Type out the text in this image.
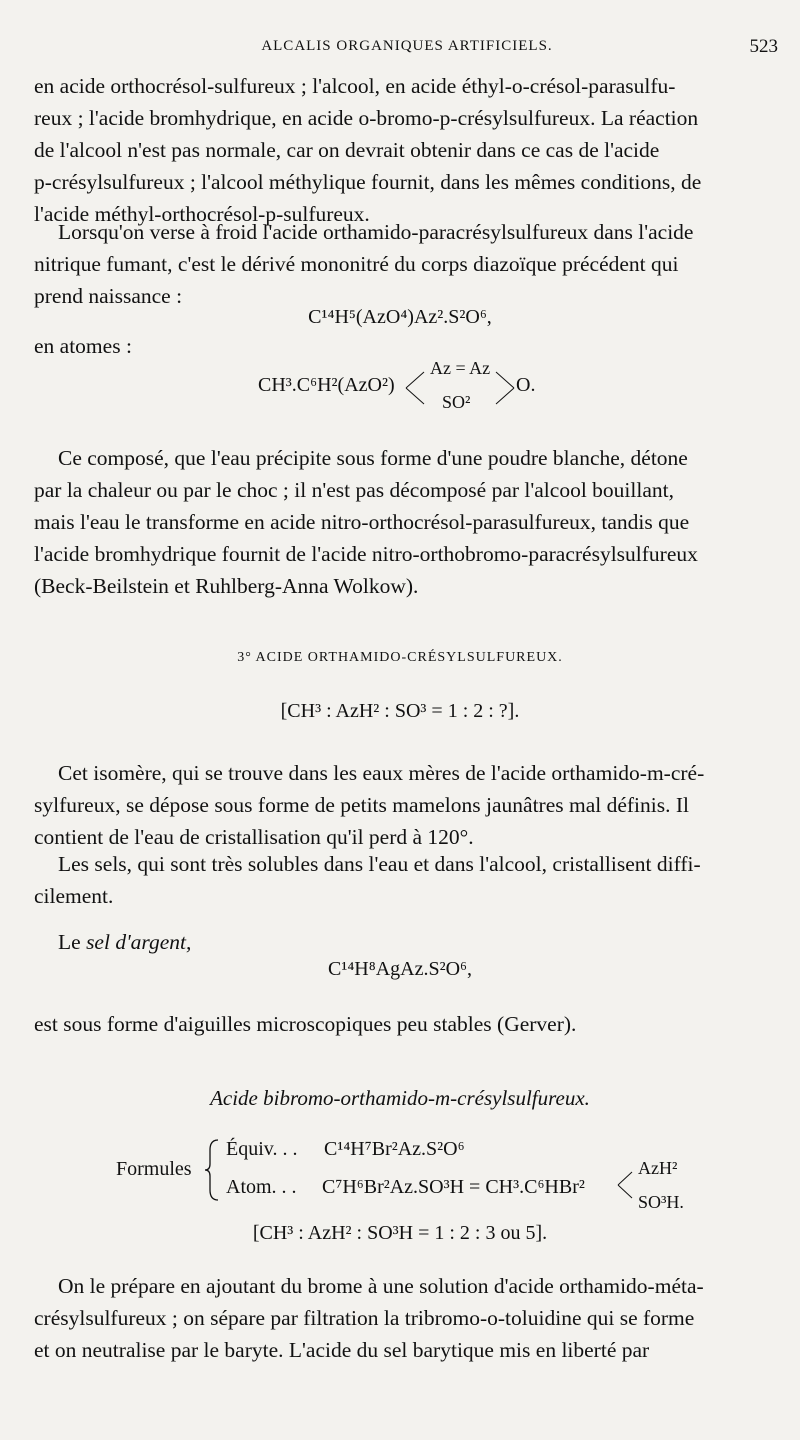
ALCALIS ORGANIQUES ARTIFICIELS.	523
en acide orthocrésol-sulfureux ; l'alcool, en acide éthyl-o-crésol-parasulfu-
reux ; l'acide bromhydrique, en acide o-bromo-p-crésylsulfureux. La réaction
de l'alcool n'est pas normale, car on devrait obtenir dans ce cas de l'acide
p-crésylsulfureux ; l'alcool méthylique fournit, dans les mêmes conditions, de
l'acide méthyl-orthocrésol-p-sulfureux.
Lorsqu'on verse à froid l'acide orthamido-paracrésylsulfureux dans l'acide
nitrique fumant, c'est le dérivé mononitré du corps diazoïque précédent qui
prend naissance :
C¹⁴H⁵(AzO⁴)Az².S²O⁶,
en atomes :
CH³.C⁶H²(AzO²)
Az = Az
SO²
O.
Ce composé, que l'eau précipite sous forme d'une poudre blanche, détone
par la chaleur ou par le choc ; il n'est pas décomposé par l'alcool bouillant,
mais l'eau le transforme en acide nitro-orthocrésol-parasulfureux, tandis que
l'acide bromhydrique fournit de l'acide nitro-orthobromo-paracrésylsulfureux
(Beck-Beilstein et Ruhlberg-Anna Wolkow).
3° ACIDE ORTHAMIDO-CRÉSYLSULFUREUX.
[CH³ : AzH² : SO³ = 1 : 2 : ?].
Cet isomère, qui se trouve dans les eaux mères de l'acide orthamido-m-cré-
sylfureux, se dépose sous forme de petits mamelons jaunâtres mal définis. Il
contient de l'eau de cristallisation qu'il perd à 120°.
Les sels, qui sont très solubles dans l'eau et dans l'alcool, cristallisent diffi-
cilement.
Le sel d'argent,
C¹⁴H⁸AgAz.S²O⁶,
est sous forme d'aiguilles microscopiques peu stables (Gerver).
Acide bibromo-orthamido-m-crésylsulfureux.
Formules
Équiv. . . C¹⁴H⁷Br²Az.S²O⁶
Atom. . . C⁷H⁶Br²Az.SO³H = CH³.C⁶HBr²
AzH²
SO³H.
[CH³ : AzH² : SO³H = 1 : 2 : 3 ou 5].
On le prépare en ajoutant du brome à une solution d'acide orthamido-méta-
crésylsulfureux ; on sépare par filtration la tribromo-o-toluidine qui se forme
et on neutralise par le baryte. L'acide du sel barytique mis en liberté par
